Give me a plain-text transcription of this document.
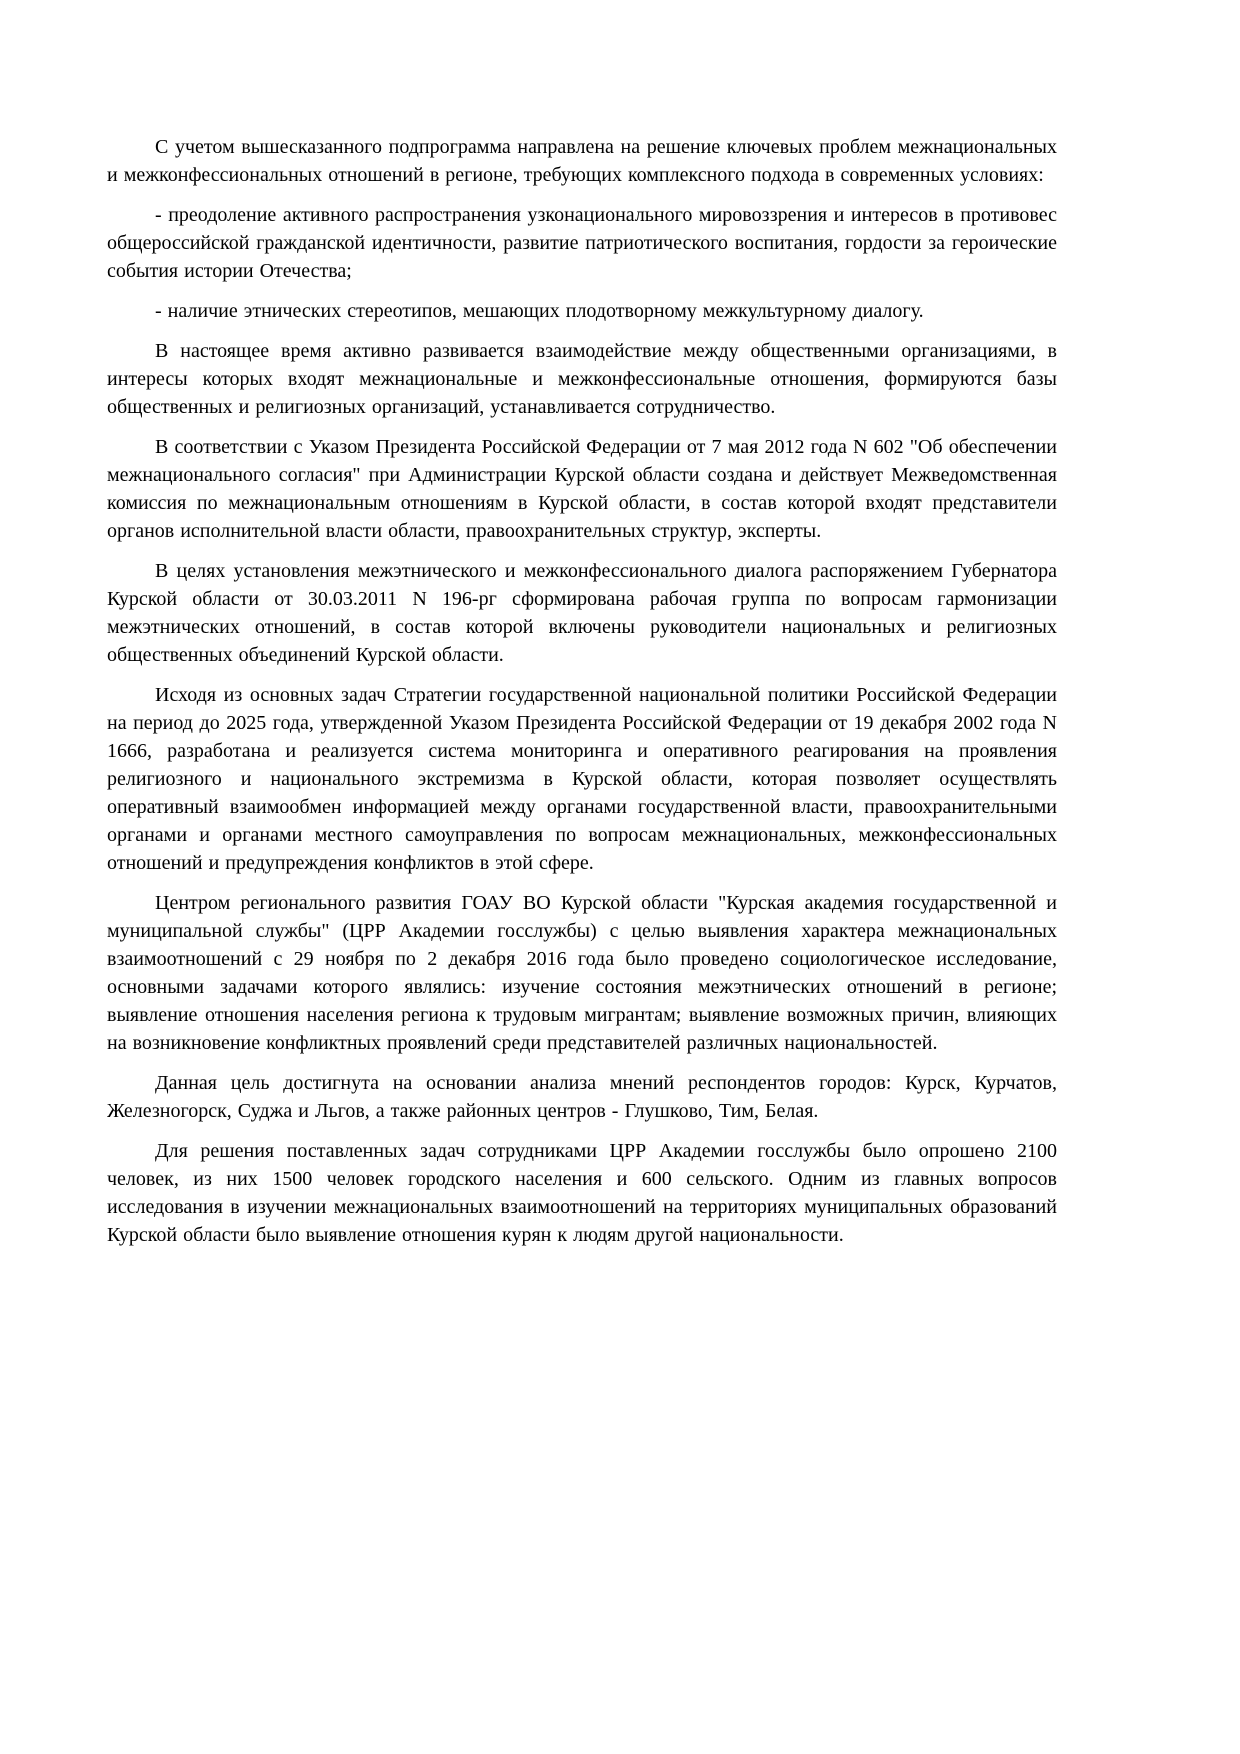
С учетом вышесказанного подпрограмма направлена на решение ключевых проблем межнациональных и межконфессиональных отношений в регионе, требующих комплексного подхода в современных условиях:

- преодоление активного распространения узконационального мировоззрения и интересов в противовес общероссийской гражданской идентичности, развитие патриотического воспитания, гордости за героические события истории Отечества;

- наличие этнических стереотипов, мешающих плодотворному межкультурному диалогу.

В настоящее время активно развивается взаимодействие между общественными организациями, в интересы которых входят межнациональные и межконфессиональные отношения, формируются базы общественных и религиозных организаций, устанавливается сотрудничество.

В соответствии с Указом Президента Российской Федерации от 7 мая 2012 года N 602 "Об обеспечении межнационального согласия" при Администрации Курской области создана и действует Межведомственная комиссия по межнациональным отношениям в Курской области, в состав которой входят представители органов исполнительной власти области, правоохранительных структур, эксперты.

В целях установления межэтнического и межконфессионального диалога распоряжением Губернатора Курской области от 30.03.2011 N 196-рг сформирована рабочая группа по вопросам гармонизации межэтнических отношений, в состав которой включены руководители национальных и религиозных общественных объединений Курской области.

Исходя из основных задач Стратегии государственной национальной политики Российской Федерации на период до 2025 года, утвержденной Указом Президента Российской Федерации от 19 декабря 2002 года N 1666, разработана и реализуется система мониторинга и оперативного реагирования на проявления религиозного и национального экстремизма в Курской области, которая позволяет осуществлять оперативный взаимообмен информацией между органами государственной власти, правоохранительными органами и органами местного самоуправления по вопросам межнациональных, межконфессиональных отношений и предупреждения конфликтов в этой сфере.

Центром регионального развития ГОАУ ВО Курской области "Курская академия государственной и муниципальной службы" (ЦРР Академии госслужбы) с целью выявления характера межнациональных взаимоотношений с 29 ноября по 2 декабря 2016 года было проведено социологическое исследование, основными задачами которого являлись: изучение состояния межэтнических отношений в регионе; выявление отношения населения региона к трудовым мигрантам; выявление возможных причин, влияющих на возникновение конфликтных проявлений среди представителей различных национальностей.

Данная цель достигнута на основании анализа мнений респондентов городов: Курск, Курчатов, Железногорск, Суджа и Льгов, а также районных центров - Глушково, Тим, Белая.

Для решения поставленных задач сотрудниками ЦРР Академии госслужбы было опрошено 2100 человек, из них 1500 человек городского населения и 600 сельского. Одним из главных вопросов исследования в изучении межнациональных взаимоотношений на территориях муниципальных образований Курской области было выявление отношения курян к людям другой национальности.
